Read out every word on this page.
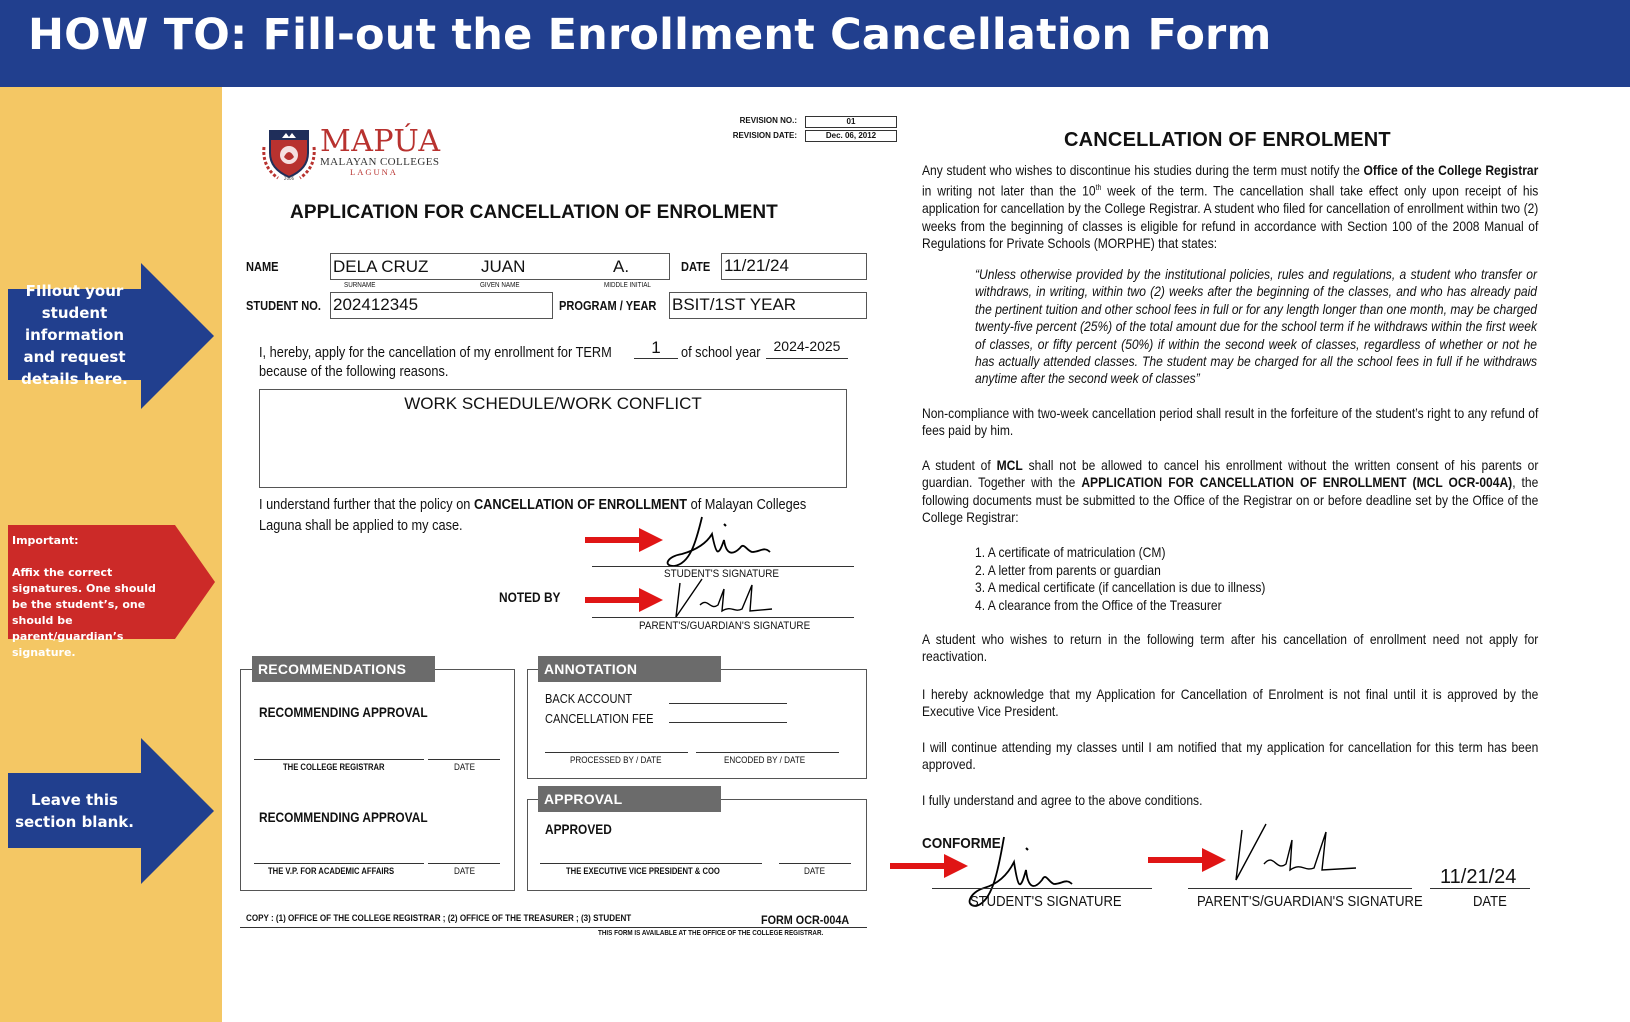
HOW TO: Fill-out the Enrollment Cancellation Form
FIllout your student information and request details here.
Important:
Affix the correct signatures. One should be the student’s, one should be parent/guardian’s signature.
Leave this section blank.
REVISION NO.:	01
REVISION DATE:	Dec. 06, 2012
2006
MAPÚA
MALAYAN COLLEGES
LAGUNA
APPLICATION FOR CANCELLATION OF ENROLMENT
NAME	DELA CRUZ	JUAN	A.
SURNAME	GIVEN NAME	MIDDLE INITIAL
DATE 11/21/24
STUDENT NO. 202412345	PROGRAM / YEAR BSIT/1ST YEAR
I, hereby, apply for the cancellation of my enrollment for TERM	1	of school year 2024-2025
because of the following reasons.
WORK SCHEDULE/WORK CONFLICT
I understand further that the policy on CANCELLATION OF ENROLLMENT of Malayan Colleges
Laguna shall be applied to my case.
STUDENT'S SIGNATURE
NOTED BY
PARENT'S/GUARDIAN'S SIGNATURE
RECOMMENDATIONS
RECOMMENDING APPROVAL
THE COLLEGE REGISTRAR	DATE
RECOMMENDING APPROVAL
THE V.P. FOR ACADEMIC AFFAIRS	DATE
ANNOTATION
BACK ACCOUNT
CANCELLATION FEE
PROCESSED BY / DATE	ENCODED BY / DATE
APPROVAL
APPROVED
THE EXECUTIVE VICE PRESIDENT & COO	DATE
COPY : (1) OFFICE OF THE COLLEGE REGISTRAR ; (2) OFFICE OF THE TREASURER ; (3) STUDENT	FORM OCR-004A
THIS FORM IS AVAILABLE AT THE OFFICE OF THE COLLEGE REGISTRAR.
CANCELLATION OF ENROLMENT
Any student who wishes to discontinue his studies during the term must notify the Office of the College Registrar in writing not later than the 10th week of the term. The cancellation shall take effect only upon receipt of his application for cancellation by the College Registrar. A student who filed for cancellation of enrollment within two (2) weeks from the beginning of classes is eligible for refund in accordance with Section 100 of the 2008 Manual of Regulations for Private Schools (MORPHE) that states:
“Unless otherwise provided by the institutional policies, rules and regulations, a student who transfer or withdraws, in writing, within two (2) weeks after the beginning of the classes, and who has already paid the pertinent tuition and other school fees in full or for any length longer than one month, may be charged twenty-five percent (25%) of the total amount due for the school term if he withdraws within the first week of classes, or fifty percent (50%) if within the second week of classes, regardless of whether or not he has actually attended classes. The student may be charged for all the school fees in full if he withdraws anytime after the second week of classes”
Non-compliance with two-week cancellation period shall result in the forfeiture of the student’s right to any refund of fees paid by him.
A student of MCL shall not be allowed to cancel his enrollment without the written consent of his parents or guardian. Together with the APPLICATION FOR CANCELLATION OF ENROLLMENT (MCL OCR-004A), the following documents must be submitted to the Office of the Registrar on or before deadline set by the Office of the College Registrar:
1. A certificate of matriculation (CM)
2. A letter from parents or guardian
3. A medical certificate (if cancellation is due to illness)
4. A clearance from the Office of the Treasurer
A student who wishes to return in the following term after his cancellation of enrollment need not apply for reactivation.
I hereby acknowledge that my Application for Cancellation of Enrolment is not final until it is approved by the Executive Vice President.
I will continue attending my classes until I am notified that my application for cancellation for this term has been approved.
I fully understand and agree to the above conditions.
CONFORME
STUDENT'S SIGNATURE	PARENT'S/GUARDIAN'S SIGNATURE
11/21/24
DATE
